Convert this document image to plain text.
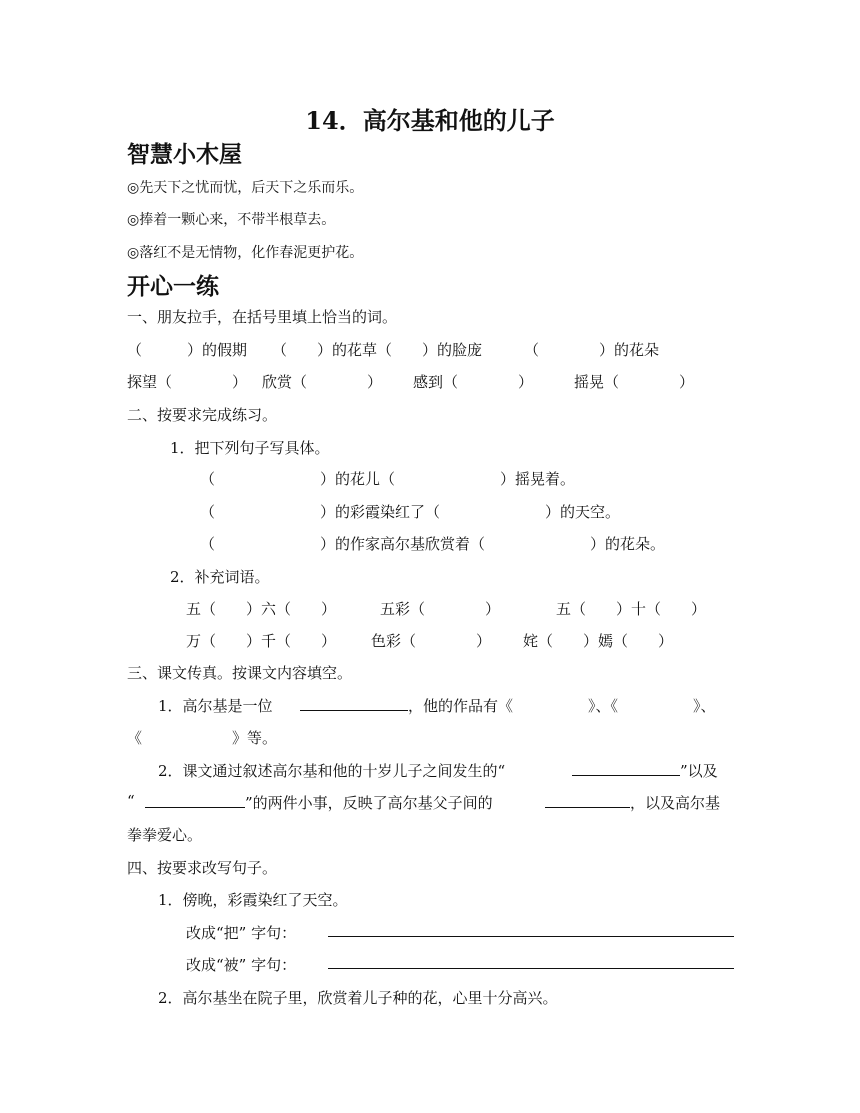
14．高尔基和他的儿子
智慧小木屋
◎先天下之忧而忧，后天下之乐而乐。
◎捧着一颗心来，不带半根草去。
◎落红不是无情物，化作春泥更护花。
开心一练
一、朋友拉手，在括号里填上恰当的词。
（　　　）的假期 （　　）的花草（　　）的脸庞	（　　　　）的花朵
探望（　　　　） 欣赏（　　　　） 感到（　　　　）	摇晃（　　　　）
二、按要求完成练习。
1．把下列句子写具体。
（　　　　　　　）的花儿（　　　　　　　）摇晃着。
（　　　　　　　）的彩霞染红了（　　　　　　　）的天空。
（　　　　　　　）的作家高尔基欣赏着（　　　　　　　）的花朵。
2．补充词语。
五（　　）六（　　）	五彩（　　　　）	五（　　）十（　　）
万（　　）千（　　） 色彩（　　　　） 姹（　　）嫣（　　）
三、课文传真。按课文内容填空。
1．高尔基是一位	，他的作品有《　　　　　》、《　　　　　》、
《　　　　　　》等。
2．课文通过叙述高尔基和他的十岁儿子之间发生的“	”以及
“	”的两件小事，反映了高尔基父子间的	，以及高尔基
拳拳爱心。
四、按要求改写句子。
1．傍晚，彩霞染红了天空。
改成“把” 字句：
改成“被” 字句：
2．高尔基坐在院子里，欣赏着儿子种的花，心里十分高兴。
